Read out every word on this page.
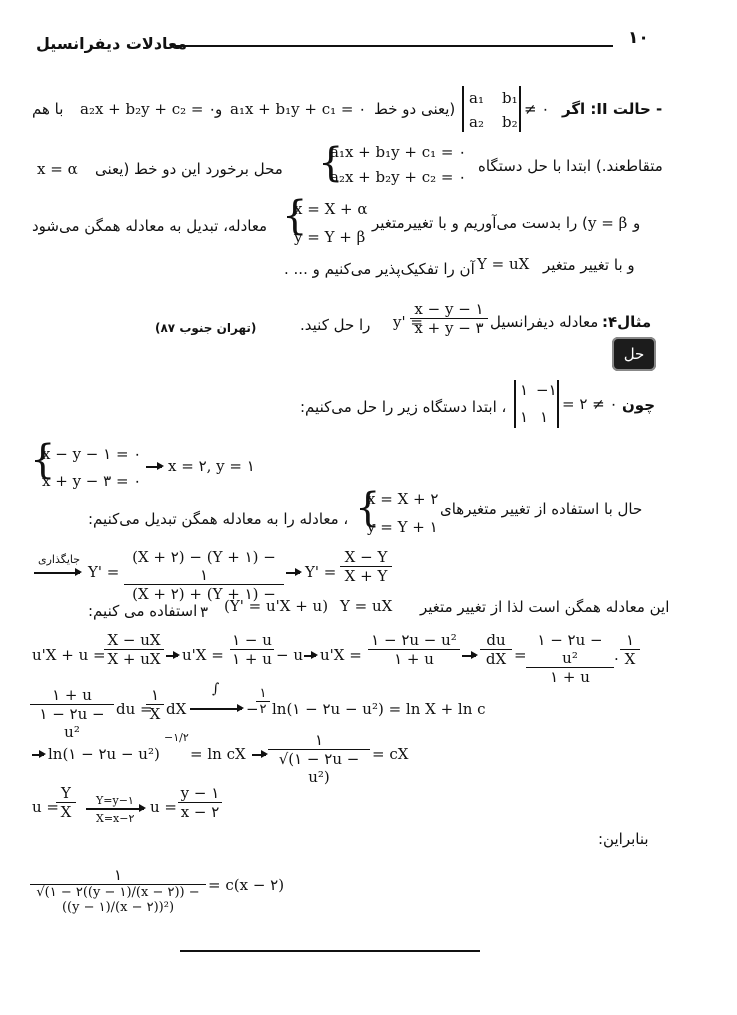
۱۰
معادلات دیفرانسیل
- حالت II: اگر
a₁ b₁
a₂ b₂
≠ ۰
(یعنی دو خط
a₁x + b₁y + c₁ = ۰
و
a₂x + b₂y + c₂ = ۰
با هم
متقاطعند.) ابتدا با حل دستگاه
{
a₁x + b₁y + c₁ = ۰
a₂x + b₂y + c₂ = ۰
محل برخورد این دو خط (یعنی
x = α
و
y = β
) را بدست می‌آوریم و با تغییرمتغیر
{
x = X + α
y = Y + β
معادله، تبدیل به معادله همگن می‌شود
و با تغییر متغیر
Y = uX
آن را تفکیک‌پذیر می‌کنیم و ... .
مثال۴:
معادله دیفرانسیل
y' =
$\frac{x - y - ۱}{x + y - ۳}$
را حل کنید.
(تهران جنوب ۸۷)
حل
چون
= ۲ ≠ ۰
۱ −۱
۱ ۱
، ابتدا دستگاه زیر را حل می‌کنیم:
{
x − y − ۱ = ۰
x + y − ۳ = ۰
x = ۲, y = ۱
حال با استفاده از تغییر متغیرهای
{
x = X + ۲
y = Y + ۱
، معادله را به معادله همگن تبدیل می‌کنیم:
جایگذاری
$Y' = \frac{(X + ۲) - (Y + ۱) - ۱}{(X + ۲) + (Y + ۱) - ۳} Y' = \frac{X - Y}{X + Y}$
این معادله همگن است لذا از تغییر متغیر
Y = uX
(Y' = u'X + u)
استفاده می کنیم:
u'X + u =
$\frac{X - uX}{X + uX} u'X = \frac{۱ - u}{۱ + u} - u$ $u'X = \frac{\text{۱ − ۲u − u²}}{۱ + u} \frac{du}{dX} = \frac{\text{۱ − ۲u − u²}}{۱ + u}$ .
۱
X
$\frac{۱ + u}{\text{۱ − ۲u − u²}}$ du =
۱
X dX
∫
−
۱
۲ ln(۱ − ۲u − u²) = ln X + ln c
ln(۱ − ۲u − u²)
−۱/۲
= ln cX
۱
√(۱ − ۲u − u²)
= cX
u =
$\frac{Y}{X}$ Y=y−۱
X=x−۲
$u = \frac{y - ۱}{x - ۲}$
بنابراین:
۱
√(۱ − ۲((y − ۱)/(x − ۲)) − ((y − ۱)/(x − ۲))²)
= c(x − ۲)
